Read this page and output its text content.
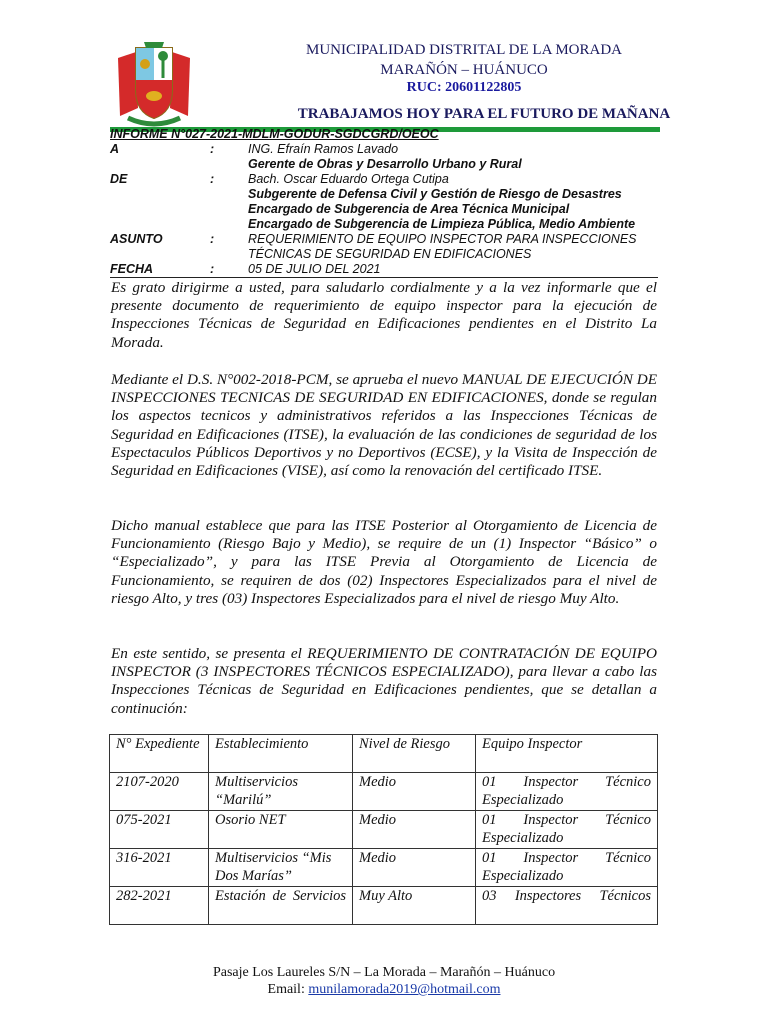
MUNICIPALIDAD DISTRITAL DE LA MORADA
MARAÑÓN – HUÁNUCO
RUC: 20601122805
TRABAJAMOS HOY PARA EL FUTURO DE MAÑANA
INFORME N°027-2021-MDLM-GODUR-SGDCGRD/OEOC
A	:	ING. Efraín Ramos Lavado
Gerente de Obras y Desarrollo Urbano y Rural
DE	:	Bach. Oscar Eduardo Ortega Cutipa
Subgerente de Defensa Civil y Gestión de Riesgo de Desastres
Encargado de Subgerencia de Area Técnica Municipal
Encargado de Subgerencia de Limpieza Pública, Medio Ambiente
ASUNTO	:	REQUERIMIENTO DE EQUIPO INSPECTOR PARA INSPECCIONES
TÉCNICAS DE SEGURIDAD EN EDIFICACIONES
FECHA	:	05 DE JULIO DEL 2021
Es grato dirigirme a usted, para saludarlo cordialmente y a la vez informarle que el presente documento de requerimiento de equipo inspector para la ejecución de Inspecciones Técnicas de Seguridad en Edificaciones pendientes en el Distrito La Morada.
Mediante el D.S. N°002-2018-PCM, se aprueba el nuevo MANUAL DE EJECUCIÓN DE INSPECCIONES TECNICAS DE SEGURIDAD EN EDIFICACIONES, donde se regulan los aspectos tecnicos y administrativos referidos a las Inspecciones Técnicas de Seguridad en Edificaciones (ITSE), la evaluación de las condiciones de seguridad de los Espectaculos Públicos Deportivos y no Deportivos (ECSE), y la Visita de Inspección de Seguridad en Edificaciones (VISE), así como la renovación del certificado ITSE.
Dicho manual establece que para las ITSE Posterior al Otorgamiento de Licencia de Funcionamiento (Riesgo Bajo y Medio), se require de un (1) Inspector “Básico” o “Especializado”, y para las ITSE Previa al Otorgamiento de Licencia de Funcionamiento, se requiren de dos (02) Inspectores Especializados para el nivel de riesgo Alto, y tres (03) Inspectores Especializados para el nivel de riesgo Muy Alto.
En este sentido, se presenta el REQUERIMIENTO DE CONTRATACIÓN DE EQUIPO INSPECTOR (3 INSPECTORES TÉCNICOS ESPECIALIZADO), para llevar a cabo las Inspecciones Técnicas de Seguridad en Edificaciones pendientes, que se detallan a continución:
N° Expediente	Establecimiento	Nivel de Riesgo	Equipo Inspector
2107-2020	Multiservicios “Marilú”	Medio	01 Inspector Técnico Especializado
075-2021	Osorio NET	Medio	01 Inspector Técnico Especializado
316-2021	Multiservicios “Mis Dos Marías”	Medio	01 Inspector Técnico Especializado
282-2021	Estación de Servicios	Muy Alto	03 Inspectores Técnicos
Pasaje Los Laureles S/N – La Morada – Marañón – Huánuco
Email: munilamorada2019@hotmail.com
